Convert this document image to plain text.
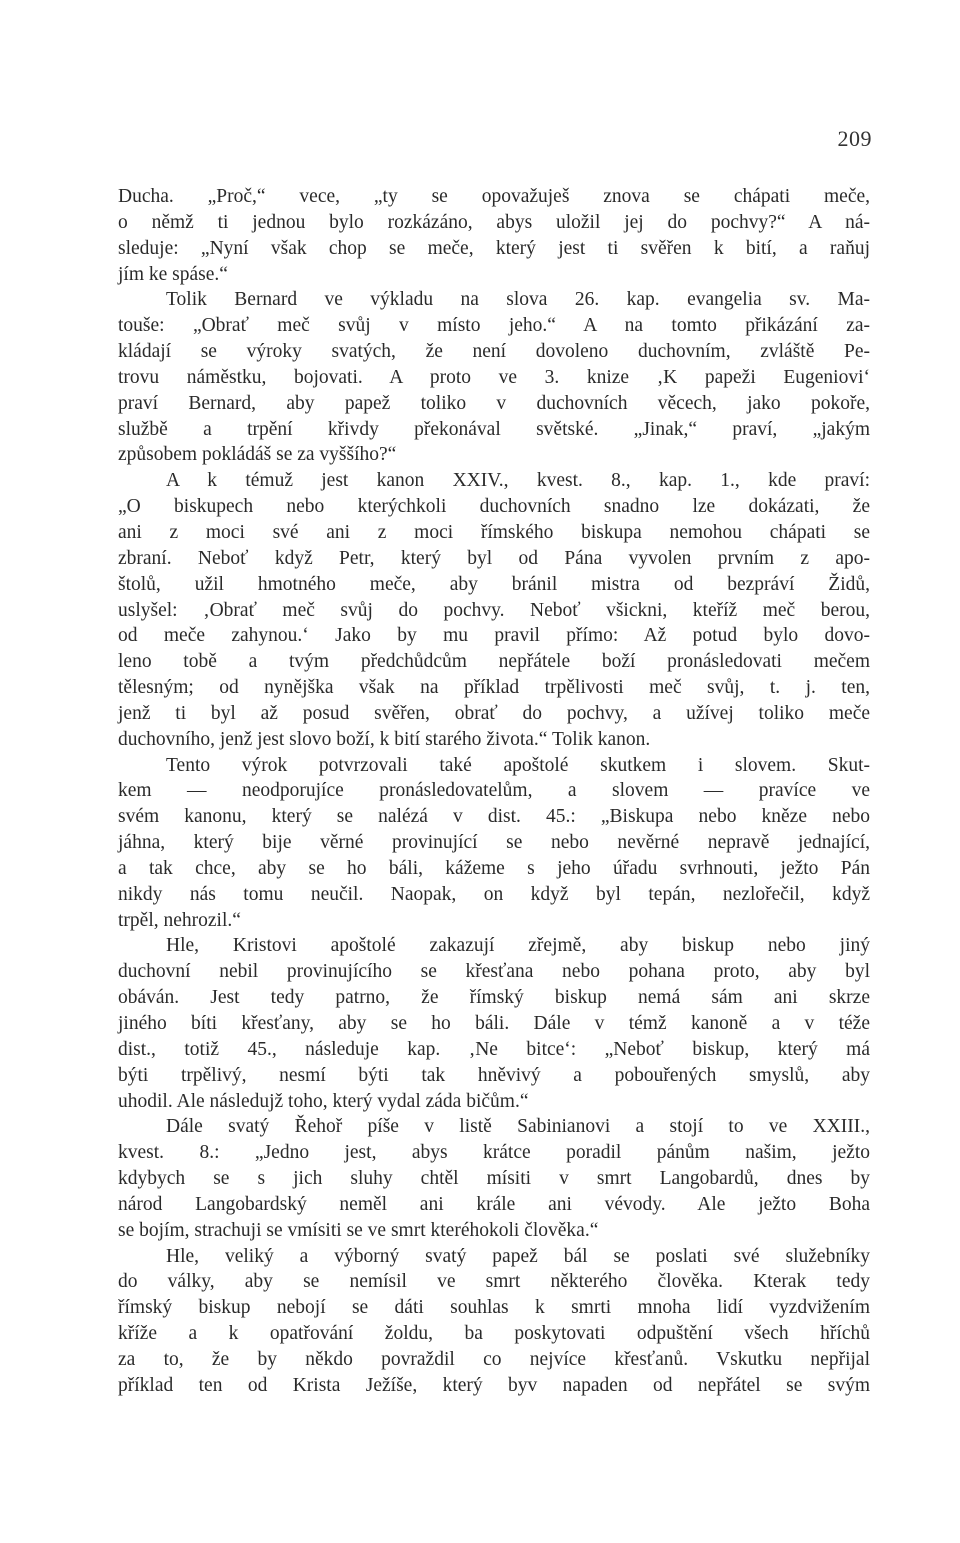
209
Ducha. „Proč,“ vece, „ty se opovažuješ znova se chápati meče,
o němž ti jednou bylo rozkázáno, abys uložil jej do pochvy?“ A ná-
sleduje: „Nyní však chop se meče, který jest ti svěřen k bití, a raňuj
jím ke spáse.“
Tolik Bernard ve výkladu na slova 26. kap. evangelia sv. Ma-
touše: „Obrať meč svůj v místo jeho.“ A na tomto přikázání za-
kládají se výroky svatých, že není dovoleno duchovním, zvláště Pe-
trovu náměstku, bojovati. A proto ve 3. knize ‚K papeži Eugeniovi‘
praví Bernard, aby papež toliko v duchovních věcech, jako pokoře,
službě a trpění křivdy překonával světské. „Jinak,“ praví, „jakým
způsobem pokládáš se za vyššího?“
A k témuž jest kanon XXIV., kvest. 8., kap. 1., kde praví:
„O biskupech nebo kterýchkoli duchovních snadno lze dokázati, že
ani z moci své ani z moci římského biskupa nemohou chápati se
zbraní. Neboť když Petr, který byl od Pána vyvolen prvním z apo-
štolů, užil hmotného meče, aby bránil mistra od bezpráví Židů,
uslyšel: ‚Obrať meč svůj do pochvy. Neboť všickni, kteříž meč berou,
od meče zahynou.‘ Jako by mu pravil přímo: Až potud bylo dovo-
leno tobě a tvým předchůdcům nepřátele boží pronásledovati mečem
tělesným; od nynějška však na příklad trpělivosti meč svůj, t. j. ten,
jenž ti byl až posud svěřen, obrať do pochvy, a užívej toliko meče
duchovního, jenž jest slovo boží, k bití starého života.“ Tolik kanon.
Tento výrok potvrzovali také apoštolé skutkem i slovem. Skut-
kem — neodporujíce pronásledovatelům, a slovem — pravíce ve
svém kanonu, který se nalézá v dist. 45.: „Biskupa nebo kněze nebo
jáhna, který bije věrné provinující se nebo nevěrné nepravě jednající,
a tak chce, aby se ho báli, kážeme s jeho úřadu svrhnouti, ježto Pán
nikdy nás tomu neučil. Naopak, on když byl tepán, nezlořečil, když
trpěl, nehrozil.“
Hle, Kristovi apoštolé zakazují zřejmě, aby biskup nebo jiný
duchovní nebil provinujícího se křesťana nebo pohana proto, aby byl
obáván. Jest tedy patrno, že římský biskup nemá sám ani skrze
jiného bíti křesťany, aby se ho báli. Dále v témž kanoně a v téže
dist., totiž 45., následuje kap. ‚Ne bitce‘: „Neboť biskup, který má
býti trpělivý, nesmí býti tak hněvivý a pobouřených smyslů, aby
uhodil. Ale následujž toho, který vydal záda bičům.“
Dále svatý Řehoř píše v listě Sabinianovi a stojí to ve XXIII.,
kvest. 8.: „Jedno jest, abys krátce poradil pánům našim, ježto
kdybych se s jich sluhy chtěl mísiti v smrt Langobardů, dnes by
národ Langobardský neměl ani krále ani vévody. Ale ježto Boha
se bojím, strachuji se vmísiti se ve smrt kteréhokoli člověka.“
Hle, veliký a výborný svatý papež bál se poslati své služebníky
do války, aby se nemísil ve smrt některého člověka. Kterak tedy
římský biskup nebojí se dáti souhlas k smrti mnoha lidí vyzdvižením
kříže a k opatřování žoldu, ba poskytovati odpuštění všech hříchů
za to, že by někdo povraždil co nejvíce křesťanů. Vskutku nepřijal
příklad ten od Krista Ježíše, který byv napaden od nepřátel se svým
